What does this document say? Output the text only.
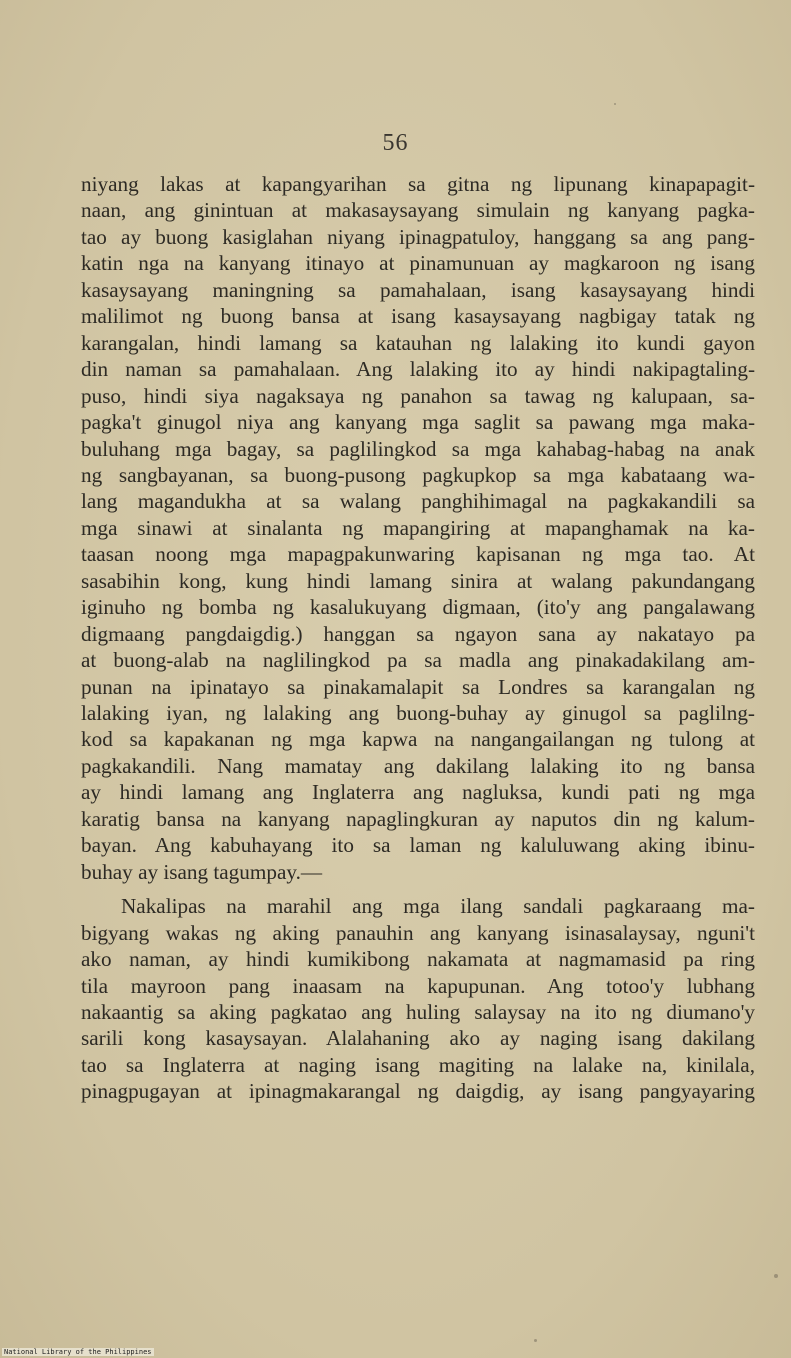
56
niyang lakas at kapangyarihan sa gitna ng lipunang kinapapagit-
naan, ang ginintuan at makasaysayang simulain ng kanyang pagka-
tao ay buong kasiglahan niyang ipinagpatuloy, hanggang sa ang pang-
katin nga na kanyang itinayo at pinamunuan ay magkaroon ng isang
kasaysayang maningning sa pamahalaan, isang kasaysayang hindi
malilimot ng buong bansa at isang kasaysayang nagbigay tatak ng
karangalan, hindi lamang sa katauhan ng lalaking ito kundi gayon
din naman sa pamahalaan. Ang lalaking ito ay hindi nakipagtaling-
puso, hindi siya nagaksaya ng panahon sa tawag ng kalupaan, sa-
pagka't ginugol niya ang kanyang mga saglit sa pawang mga maka-
buluhang mga bagay, sa paglilingkod sa mga kahabag-habag na anak
ng sangbayanan, sa buong-pusong pagkupkop sa mga kabataang wa-
lang magandukha at sa walang panghihimagal na pagkakandili sa
mga sinawi at sinalanta ng mapangiring at mapanghamak na ka-
taasan noong mga mapagpakunwaring kapisanan ng mga tao. At
sasabihin kong, kung hindi lamang sinira at walang pakundangang
iginuho ng bomba ng kasalukuyang digmaan, (ito'y ang pangalawang
digmaang pangdaigdig.) hanggan sa ngayon sana ay nakatayo pa
at buong-alab na naglilingkod pa sa madla ang pinakadakilang am-
punan na ipinatayo sa pinakamalapit sa Londres sa karangalan ng
lalaking iyan, ng lalaking ang buong-buhay ay ginugol sa paglilng-
kod sa kapakanan ng mga kapwa na nangangailangan ng tulong at
pagkakandili. Nang mamatay ang dakilang lalaking ito ng bansa
ay hindi lamang ang Inglaterra ang nagluksa, kundi pati ng mga
karatig bansa na kanyang napaglingkuran ay naputos din ng kalum-
bayan. Ang kabuhayang ito sa laman ng kaluluwang aking ibinu-
buhay ay isang tagumpay.—
Nakalipas na marahil ang mga ilang sandali pagkaraang ma-
bigyang wakas ng aking panauhin ang kanyang isinasalaysay, nguni't
ako naman, ay hindi kumikibong nakamata at nagmamasid pa ring
tila mayroon pang inaasam na kapupunan. Ang totoo'y lubhang
nakaantig sa aking pagkatao ang huling salaysay na ito ng diumano'y
sarili kong kasaysayan. Alalahaning ako ay naging isang dakilang
tao sa Inglaterra at naging isang magiting na lalake na, kinilala,
pinagpugayan at ipinagmakarangal ng daigdig, ay isang pangyayaring
National Library of the Philippines
